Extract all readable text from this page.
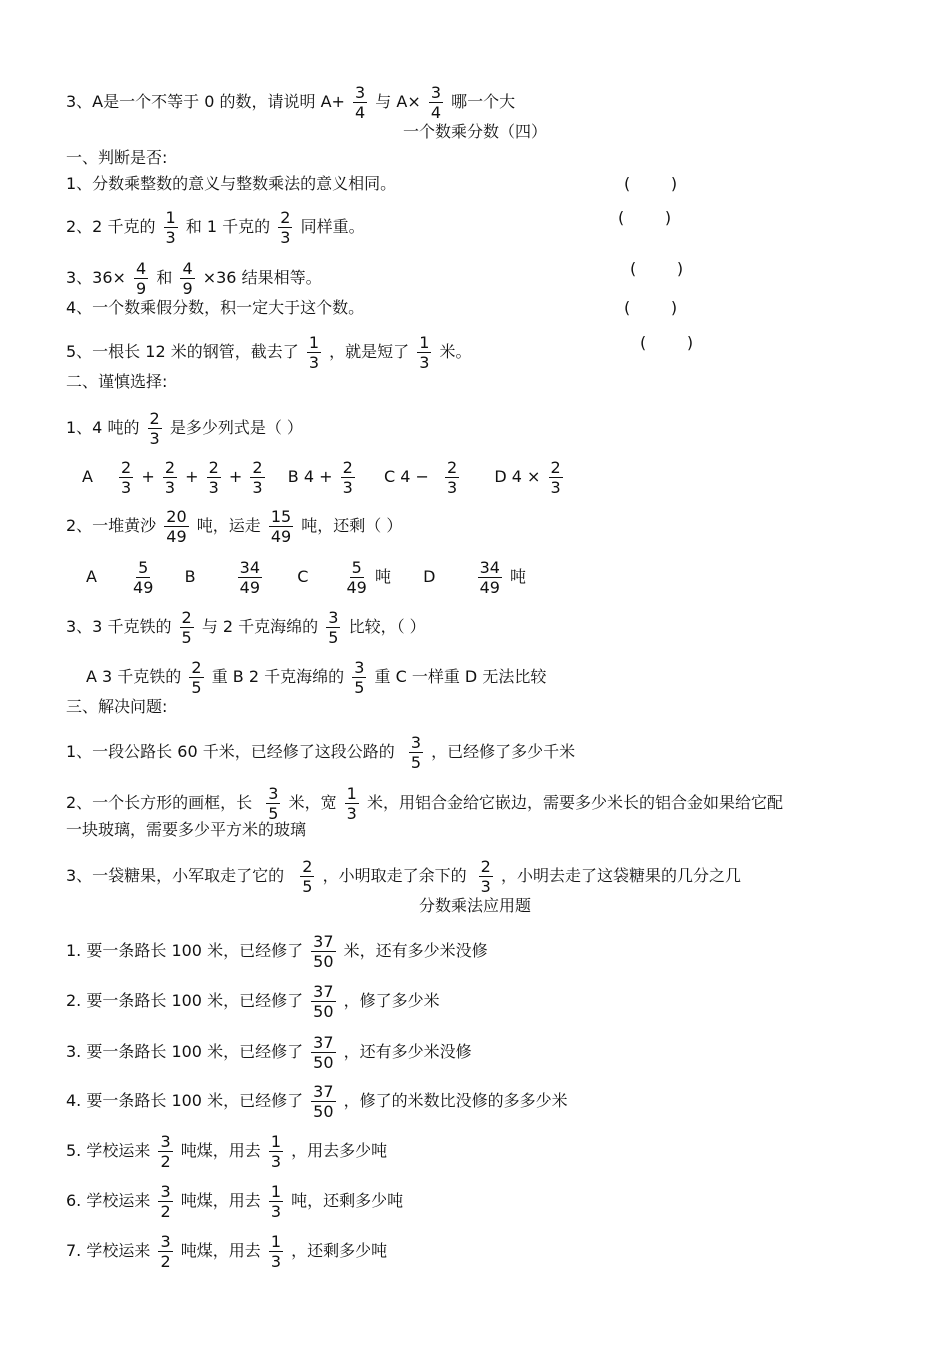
3、A是一个不等于 0 的数，请说明 $A+ \frac{3}{4}$ 与 $A\times \frac{3}{4}$ 哪一个大
一个数乘分数（四）
一、判断是否:
1、分数乘整数的意义与整数乘法的意义相同。	(        )
2、2 千克的 $\frac{1}{3}$ 和 1 千克的 $\frac{2}{3}$ 同样重。	(        )
3、$36\times \frac{4}{9}$ 和 $\frac{4}{9} \times 36$ 结果相等。	(        )
4、一个数乘假分数，积一定大于这个数。	(        )
5、一根长 12 米的钢管，截去了 $\frac{1}{3}$ ，就是短了 $\frac{1}{3}$ 米。	(        )
二、谨慎选择:
1、4 吨的 $\frac{2}{3}$ 是多少列式是（ ）
A $\frac{2}{3} + \frac{2}{3} + \frac{2}{3} + \frac{2}{3}$ B $4 + \frac{2}{3}$ C $4 - \frac{2}{3}$ D $4 \times \frac{2}{3}$
2、一堆黄沙 $\frac{20}{49}$ 吨，运走 $\frac{15}{49}$ 吨，还剩（ ）
A $\frac{5}{49}$ B	$\frac{34}{49}$ C $\frac{5}{49}$ 吨 D	$\frac{34}{49}$ 吨
3、3 千克铁的 $\frac{2}{5}$ 与 2 千克海绵的 $\frac{3}{5}$ 比较，（ ）
A 3 千克铁的 $\frac{2}{5}$ 重 B 2 千克海绵的 $\frac{3}{5}$ 重 C 一样重 D 无法比较
三、解决问题:
1、一段公路长 60 千米，已经修了这段公路的 $\frac{3}{5}$ ，已经修了多少千米
2、一个长方形的画框，长 $\frac{3}{5}$ 米，宽 $\frac{1}{3}$ 米，用铝合金给它嵌边，需要多少米长的铝合金如果给它配
一块玻璃，需要多少平方米的玻璃
3、一袋糖果，小军取走了它的 $\frac{2}{5}$ ，小明取走了余下的 $\frac{2}{3}$ ，小明去走了这袋糖果的几分之几
分数乘法应用题
1. 要一条路长 100 米，已经修了 $\frac{37}{50}$ 米，还有多少米没修
2. 要一条路长 100 米，已经修了 $\frac{37}{50}$ ，修了多少米
3. 要一条路长 100 米，已经修了 $\frac{37}{50}$ ，还有多少米没修
4. 要一条路长 100 米，已经修了 $\frac{37}{50}$ ，修了的米数比没修的多多少米
5. 学校运来 $\frac{3}{2}$ 吨煤，用去 $\frac{1}{3}$ ，用去多少吨
6. 学校运来 $\frac{3}{2}$ 吨煤，用去 $\frac{1}{3}$ 吨，还剩多少吨
7. 学校运来 $\frac{3}{2}$ 吨煤，用去 $\frac{1}{3}$ ，还剩多少吨
